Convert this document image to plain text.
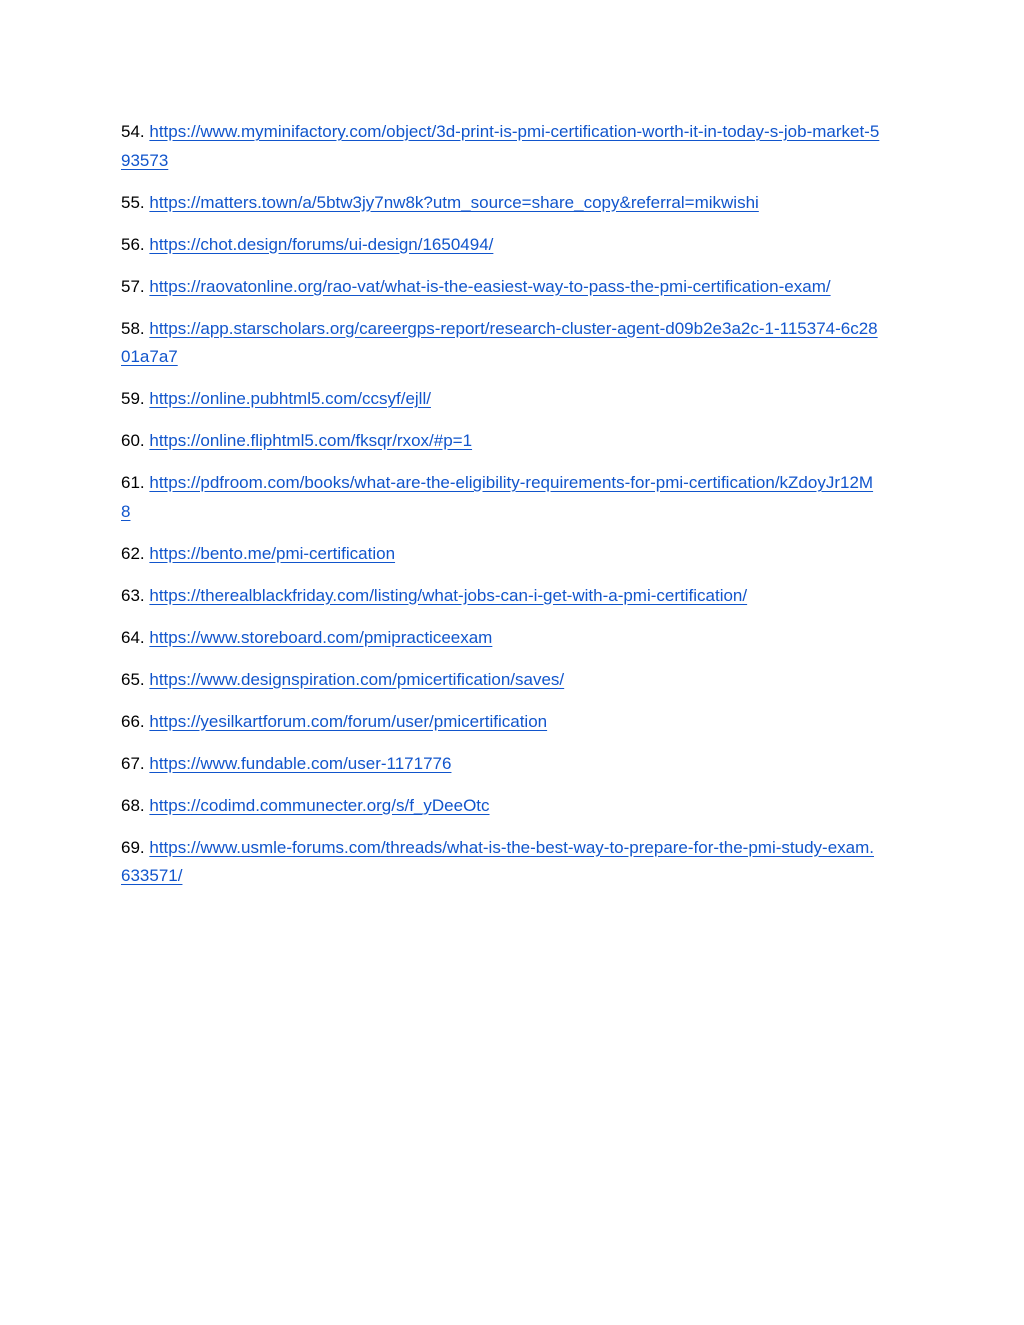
54. https://www.myminifactory.com/object/3d-print-is-pmi-certification-worth-it-in-today-s-job-market-593573

55. https://matters.town/a/5btw3jy7nw8k?utm_source=share_copy&referral=mikwishi

56. https://chot.design/forums/ui-design/1650494/

57. https://raovatonline.org/rao-vat/what-is-the-easiest-way-to-pass-the-pmi-certification-exam/

58. https://app.starscholars.org/careergps-report/research-cluster-agent-d09b2e3a2c-1-115374-6c2801a7a7

59. https://online.pubhtml5.com/ccsyf/ejll/

60. https://online.fliphtml5.com/fksqr/rxox/#p=1

61. https://pdfroom.com/books/what-are-the-eligibility-requirements-for-pmi-certification/kZdoyJr12M8

62. https://bento.me/pmi-certification

63. https://therealblackfriday.com/listing/what-jobs-can-i-get-with-a-pmi-certification/

64. https://www.storeboard.com/pmipracticeexam

65. https://www.designspiration.com/pmicertification/saves/

66. https://yesilkartforum.com/forum/user/pmicertification

67. https://www.fundable.com/user-1171776

68. https://codimd.communecter.org/s/f_yDeeOtc

69. https://www.usmle-forums.com/threads/what-is-the-best-way-to-prepare-for-the-pmi-study-exam.633571/
